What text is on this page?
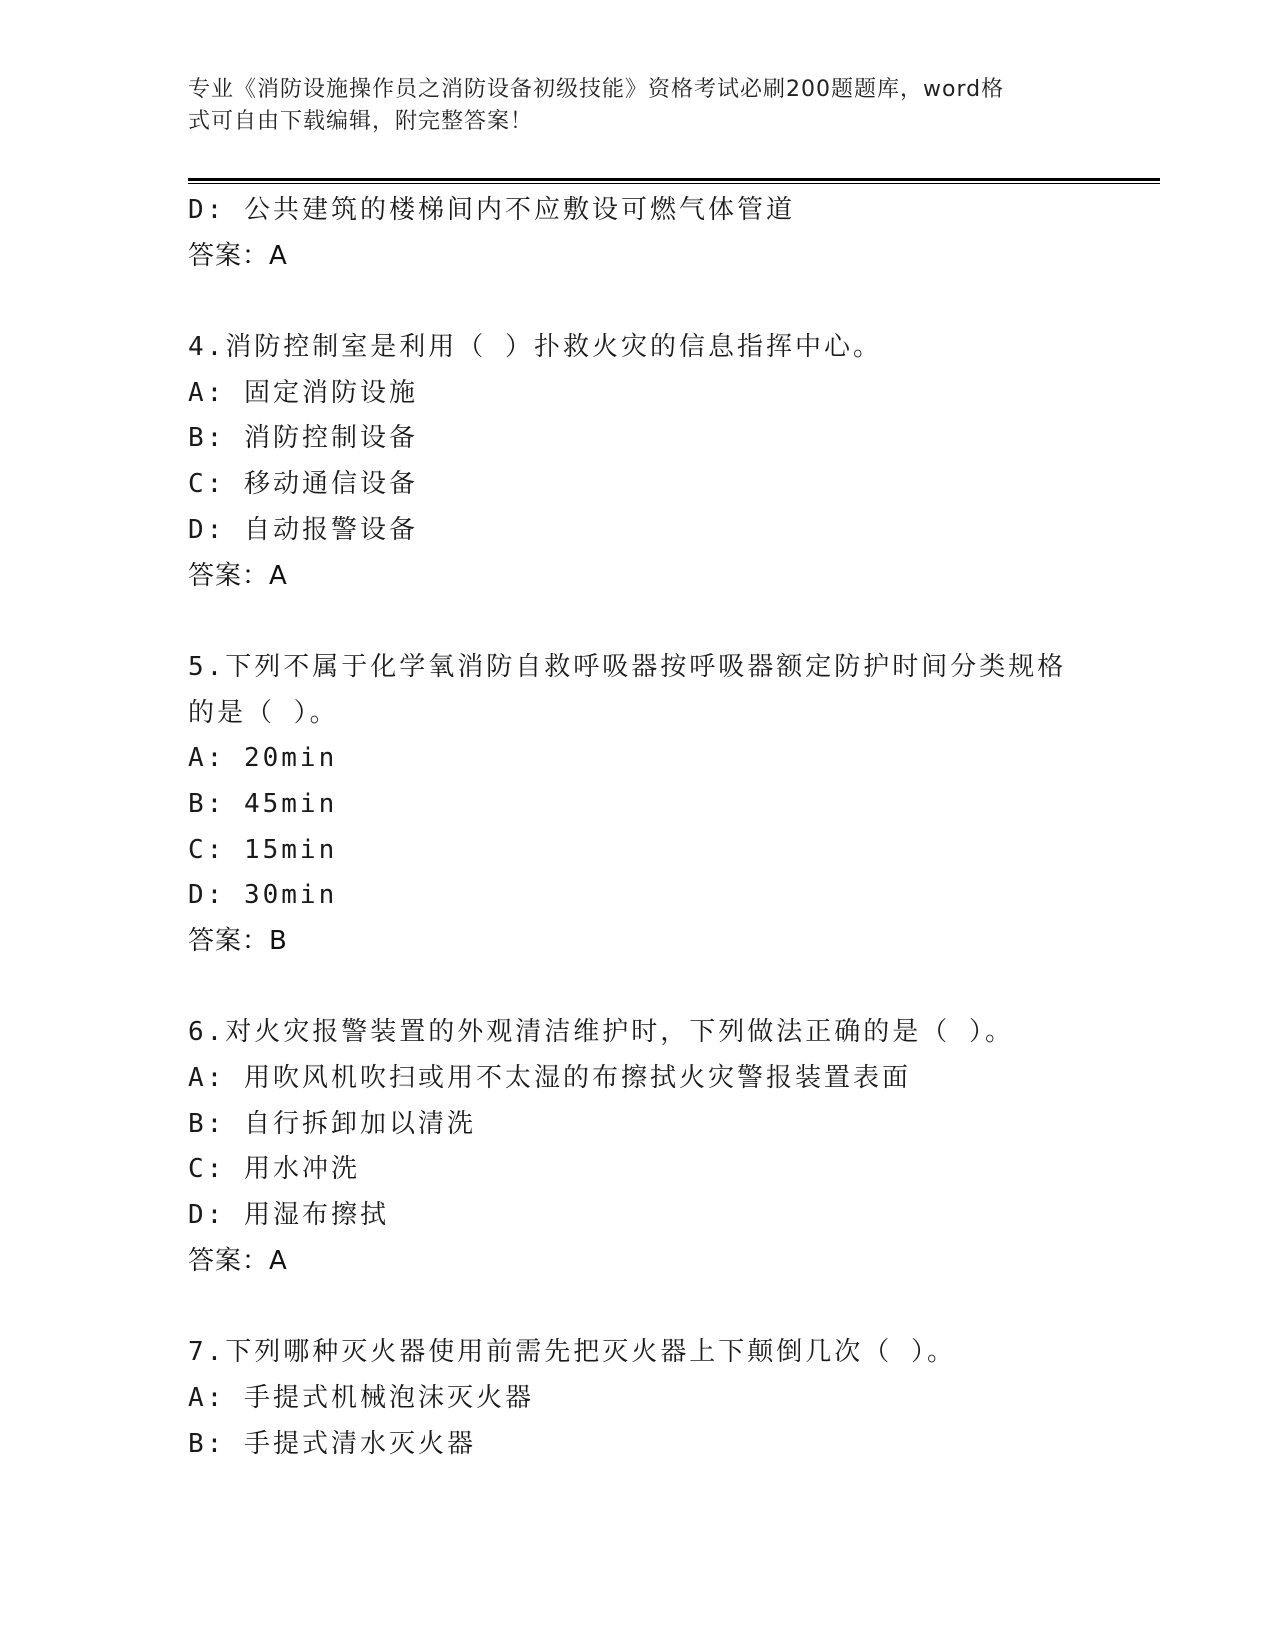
专业《消防设施操作员之消防设备初级技能》资格考试必刷200题题库，word格
式可自由下载编辑，附完整答案！
D: 公共建筑的楼梯间内不应敷设可燃气体管道
答案：A
4.消防控制室是利用（ ）扑救火灾的信息指挥中心。
A: 固定消防设施
B: 消防控制设备
C: 移动通信设备
D: 自动报警设备
答案：A
5.下列不属于化学氧消防自救呼吸器按呼吸器额定防护时间分类规格
的是（ ）。
A: 20min
B: 45min
C: 15min
D: 30min
答案：B
6.对火灾报警装置的外观清洁维护时，下列做法正确的是（ ）。
A: 用吹风机吹扫或用不太湿的布擦拭火灾警报装置表面
B: 自行拆卸加以清洗
C: 用水冲洗
D: 用湿布擦拭
答案：A
7.下列哪种灭火器使用前需先把灭火器上下颠倒几次（ ）。
A: 手提式机械泡沫灭火器
B: 手提式清水灭火器
